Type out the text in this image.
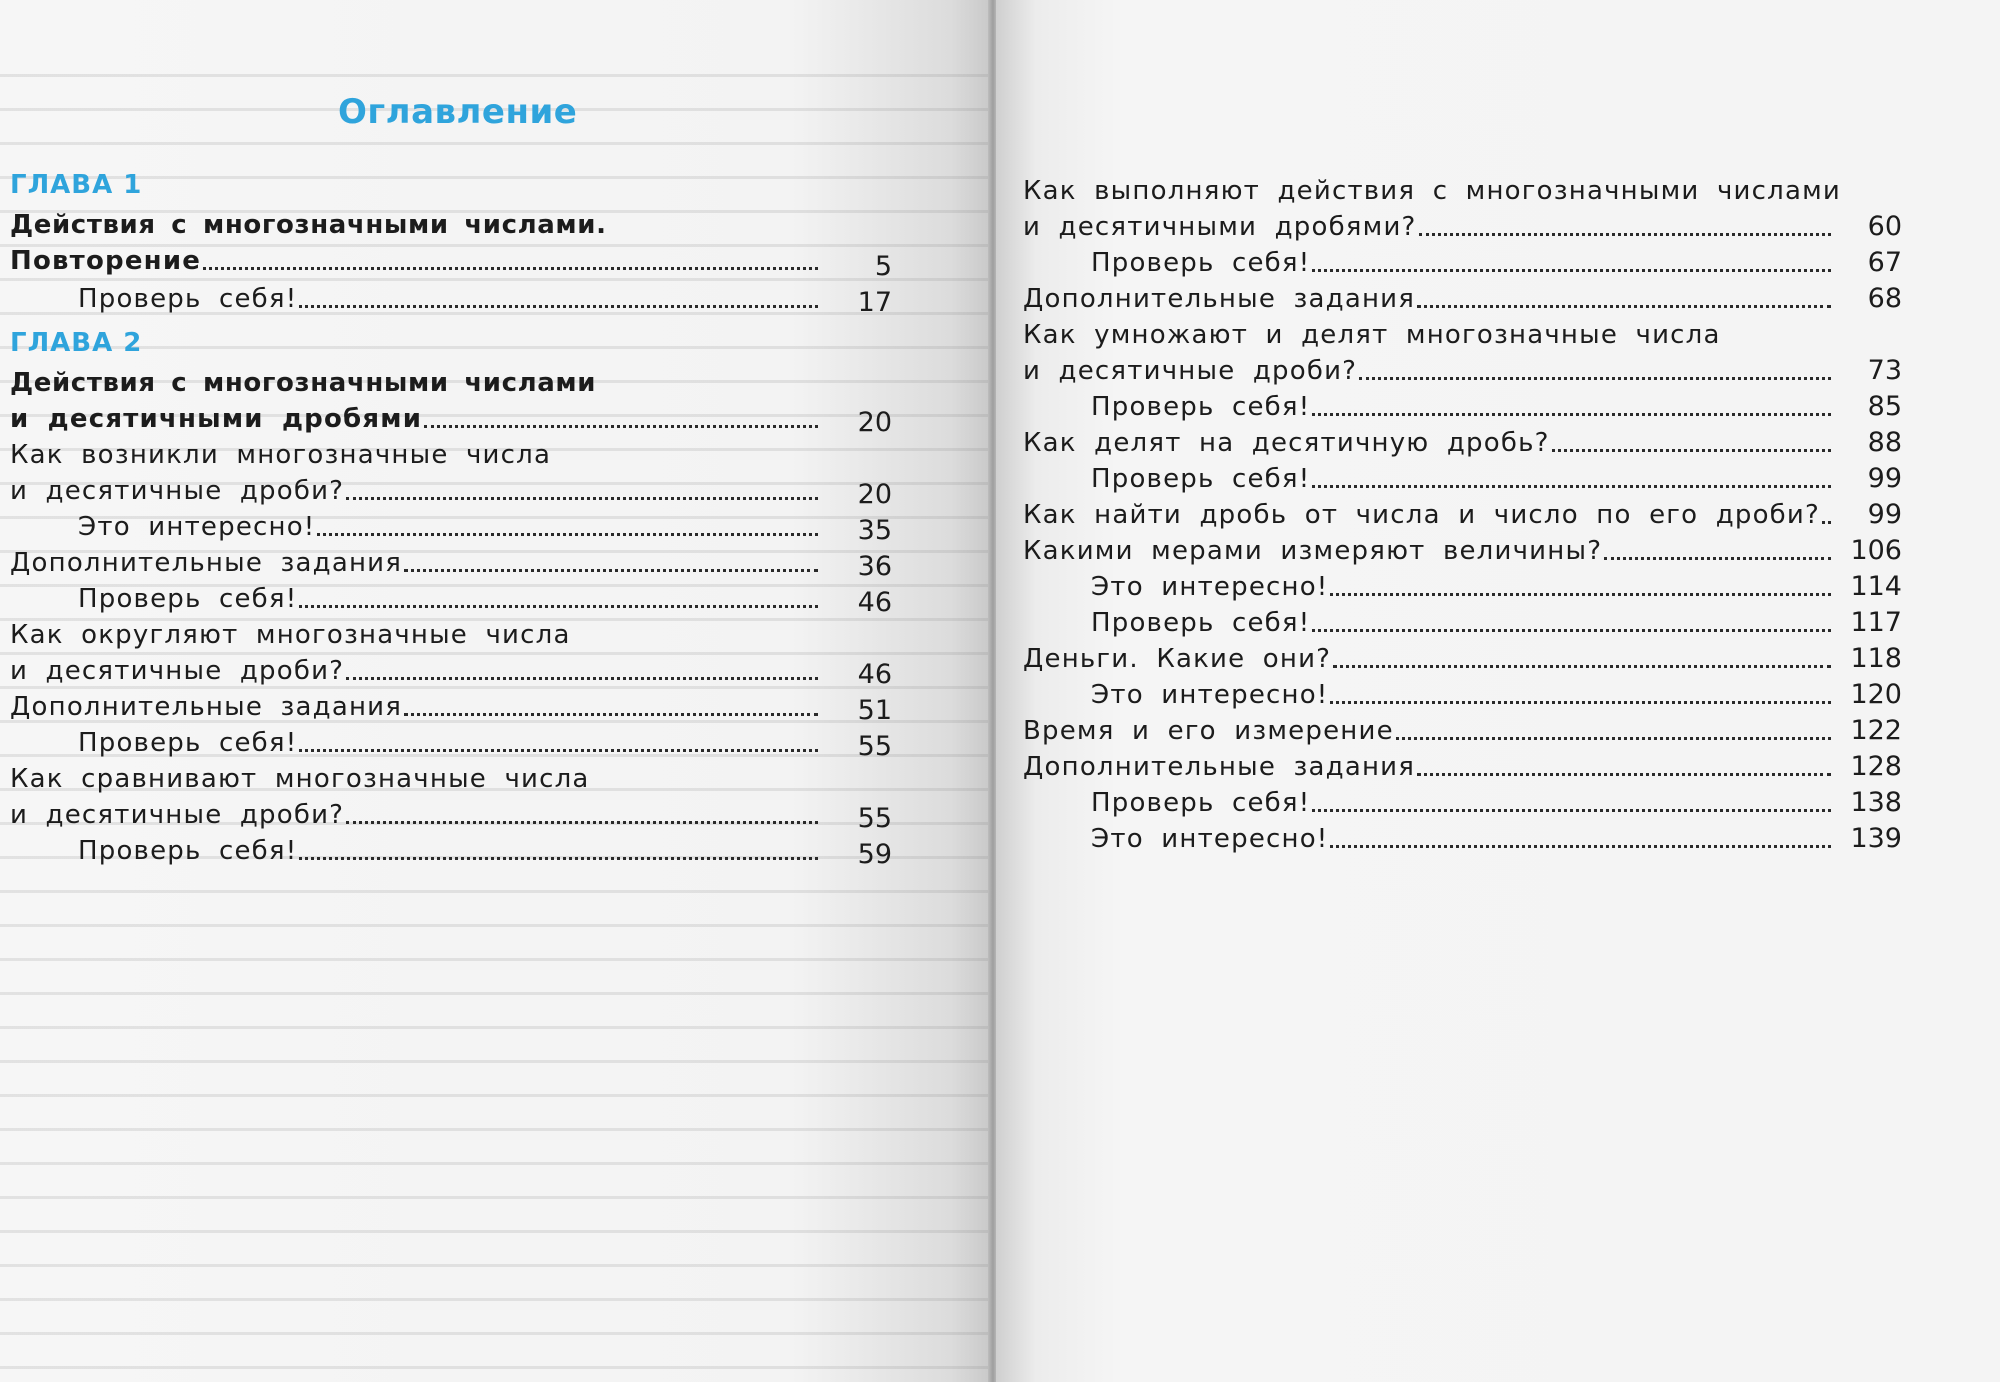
Оглавление
ГЛАВА 1
Действия с многозначными числами.
Повторение	5
Проверь себя!	17
ГЛАВА 2
Действия с многозначными числами
и десятичными дробями	20
Как возникли многозначные числа
и десятичные дроби?	20
Это интересно!	35
Дополнительные задания	36
Проверь себя!	46
Как округляют многозначные числа
и десятичные дроби?	46
Дополнительные задания	51
Проверь себя!	55
Как сравнивают многозначные числа
и десятичные дроби?	55
Проверь себя!	59
Как выполняют действия с многозначными числами
и десятичными дробями?	60
Проверь себя!	67
Дополнительные задания	68
Как умножают и делят многозначные числа
и десятичные дроби?	73
Проверь себя!	85
Как делят на десятичную дробь?	88
Проверь себя!	99
Как найти дробь от числа и число по его дроби?	99
Какими мерами измеряют величины?	106
Это интересно!	114
Проверь себя!	117
Деньги. Какие они?	118
Это интересно!	120
Время и его измерение	122
Дополнительные задания	128
Проверь себя!	138
Это интересно!	139
